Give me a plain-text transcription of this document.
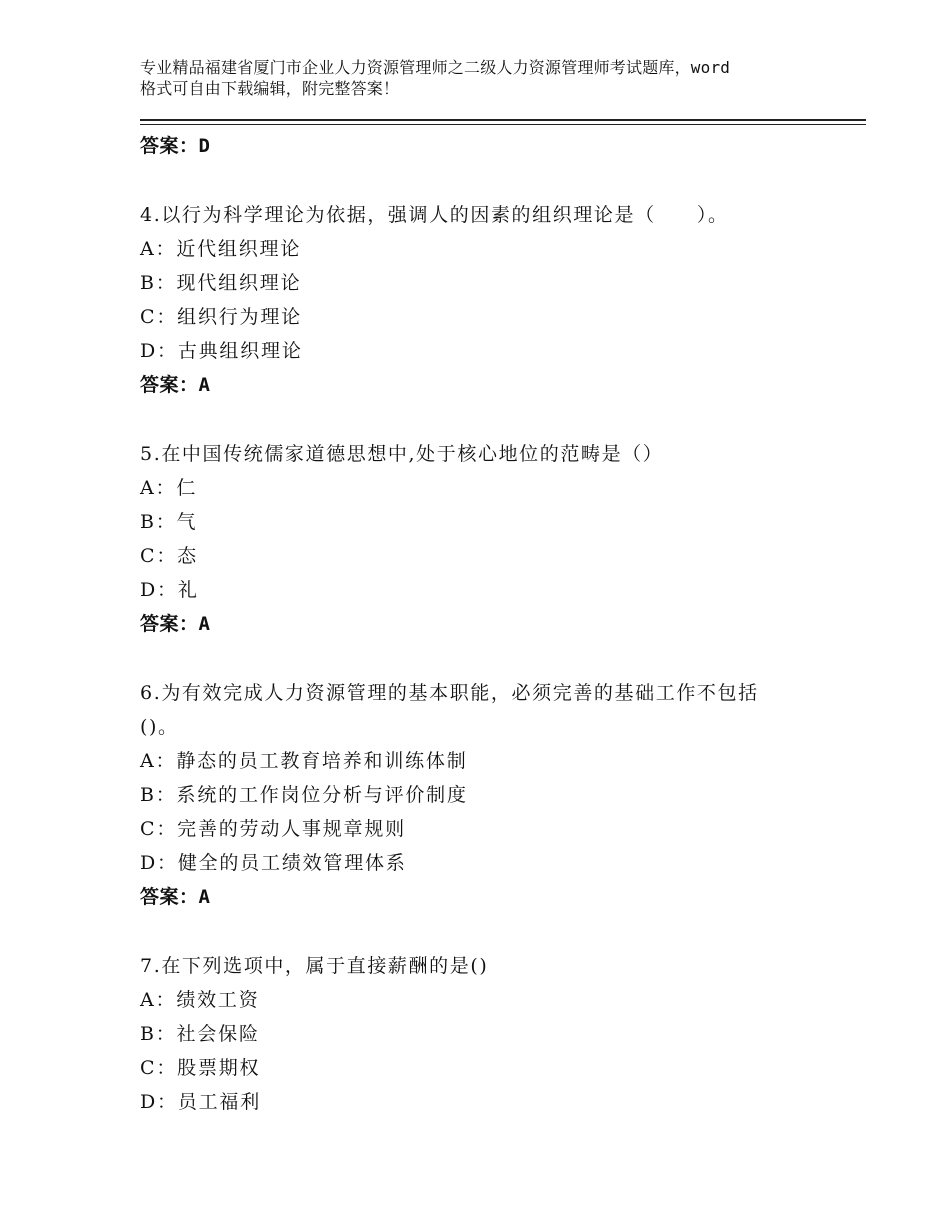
专业精品福建省厦门市企业人力资源管理师之二级人力资源管理师考试题库，word
格式可自由下载编辑，附完整答案！
答案：D
4.以行为科学理论为依据，强调人的因素的组织理论是（　　）。
A：近代组织理论
B：现代组织理论
C：组织行为理论
D：古典组织理论
答案：A
5.在中国传统儒家道德思想中,处于核心地位的范畴是（）
A：仁
B：气
C：态
D：礼
答案：A
6.为有效完成人力资源管理的基本职能，必须完善的基础工作不包括
()。
A：静态的员工教育培养和训练体制
B：系统的工作岗位分析与评价制度
C：完善的劳动人事规章规则
D：健全的员工绩效管理体系
答案：A
7.在下列选项中，属于直接薪酬的是()
A：绩效工资
B：社会保险
C：股票期权
D：员工福利
